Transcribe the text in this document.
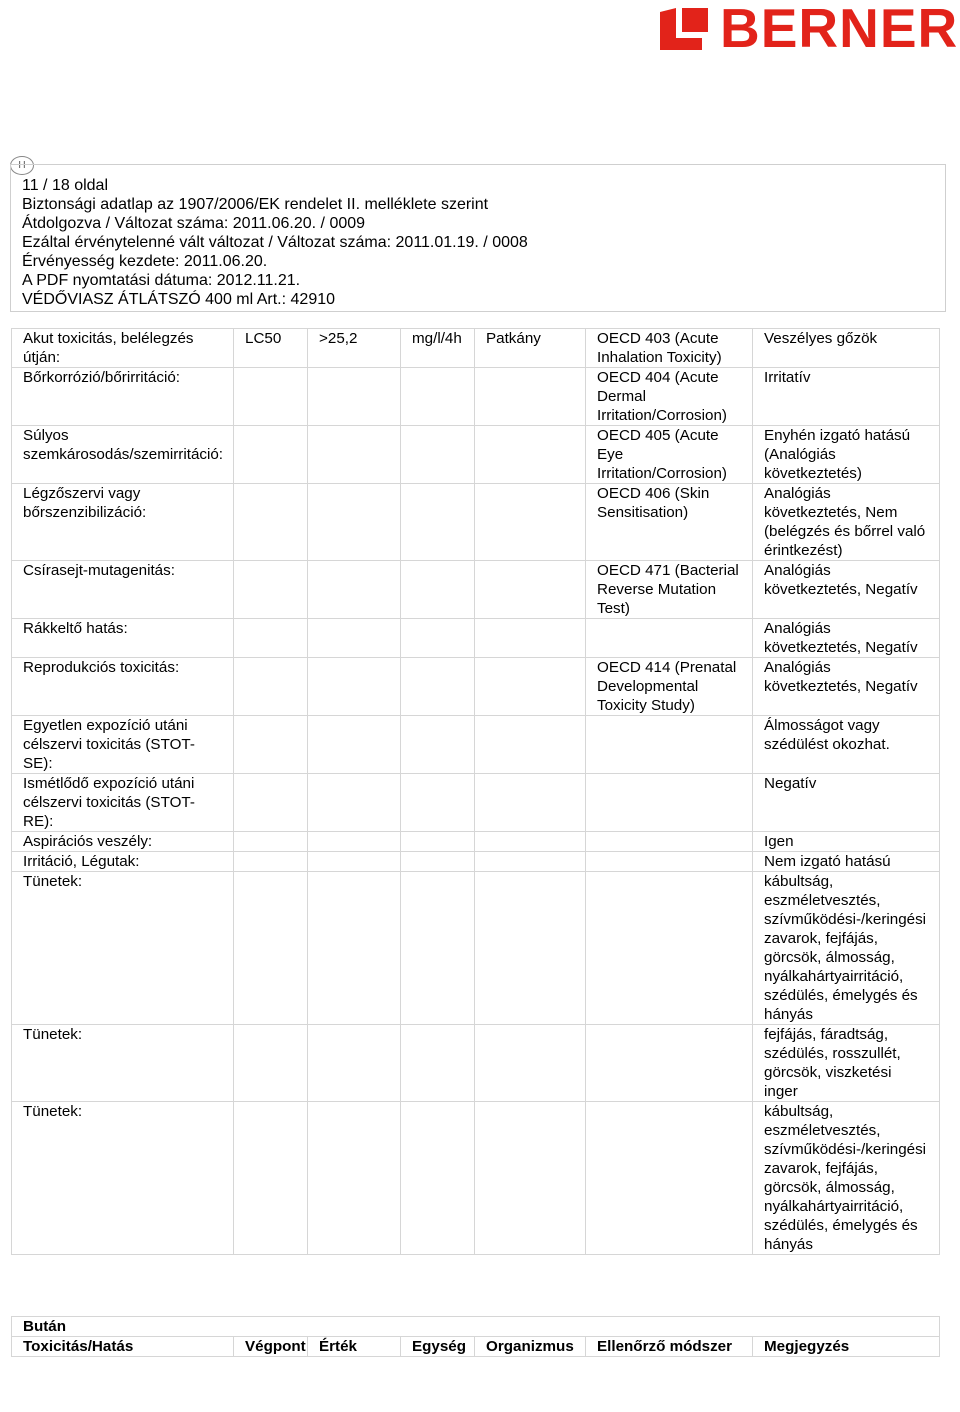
BERNER
H
11 / 18 oldal
Biztonsági adatlap az 1907/2006/EK rendelet II. melléklete szerint
Átdolgozva / Változat száma: 2011.06.20. / 0009
Ezáltal érvénytelenné vált változat / Változat száma: 2011.01.19. / 0008
Érvényesség kezdete: 2011.06.20.
A PDF nyomtatási dátuma: 2012.11.21.
VÉDŐVIASZ ÁTLÁTSZÓ 400 ml Art.: 42910
Akut toxicitás, belélegzés útján:	LC50	>25,2	mg/l/4h	Patkány	OECD 403 (Acute Inhalation Toxicity)	Veszélyes gőzök
Bőrkorrózió/bőrirritáció:					OECD 404 (Acute Dermal Irritation/Corrosion)	Irritatív
Súlyos szemkárosodás/szemirritáció:					OECD 405 (Acute Eye Irritation/Corrosion)	Enyhén izgató hatású (Analógiás következtetés)
Légzőszervi vagy bőrszenzibilizáció:					OECD 406 (Skin Sensitisation)	Analógiás következtetés, Nem (belégzés és bőrrel való érintkezést)
Csírasejt-mutagenitás:					OECD 471 (Bacterial Reverse Mutation Test)	Analógiás következtetés, Negatív
Rákkeltő hatás:						Analógiás következtetés, Negatív
Reprodukciós toxicitás:					OECD 414 (Prenatal Developmental Toxicity Study)	Analógiás következtetés, Negatív
Egyetlen expozíció utáni célszervi toxicitás (STOT-SE):						Álmosságot vagy szédülést okozhat.
Ismétlődő expozíció utáni célszervi toxicitás (STOT-RE):						Negatív
Aspirációs veszély:						Igen
Irritáció, Légutak:						Nem izgató hatású
Tünetek:						kábultság, eszméletvesztés, szívműködési-/keringési zavarok, fejfájás, görcsök, álmosság, nyálkahártyairritáció, szédülés, émelygés és hányás
Tünetek:						fejfájás, fáradtság, szédülés, rosszullét, görcsök, viszketési inger
Tünetek:						kábultság, eszméletvesztés, szívműködési-/keringési zavarok, fejfájás, görcsök, álmosság, nyálkahártyairritáció, szédülés, émelygés és hányás
Bután
Toxicitás/Hatás	Végpont	Érték	Egység	Organizmus	Ellenőrző módszer	Megjegyzés
